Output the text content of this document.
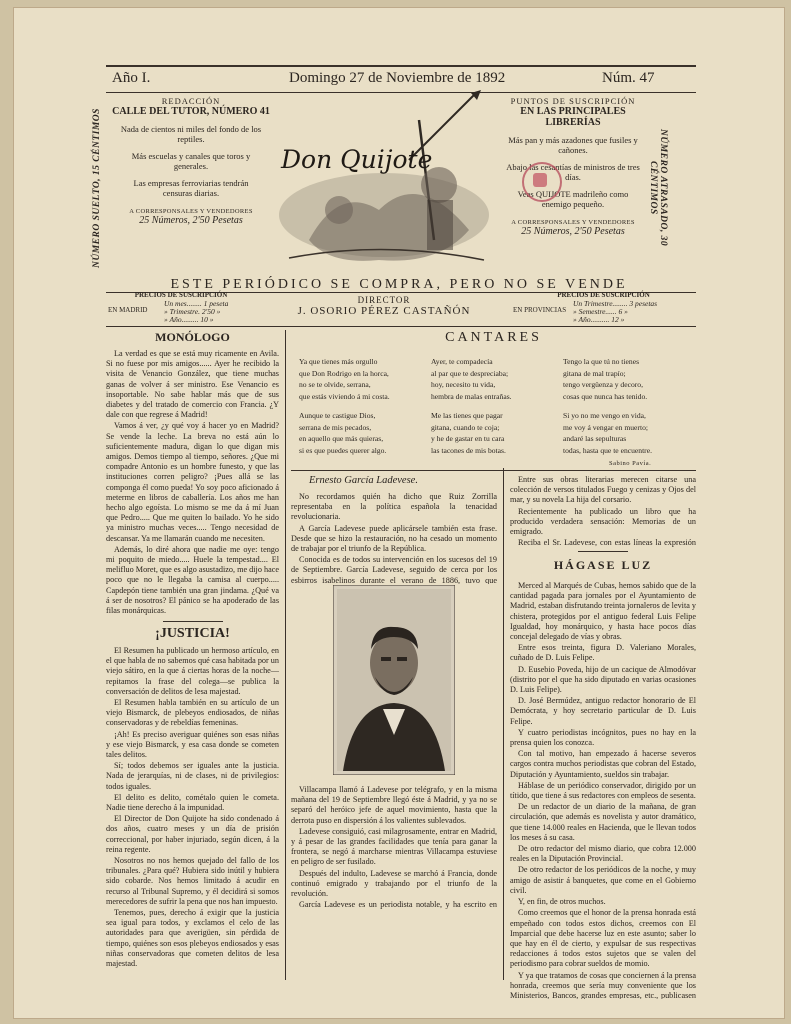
Año I.	Domingo 27 de Noviembre de 1892	Núm. 47
NÚMERO SUELTO, 15 CÉNTIMOS	NÚMERO ATRASADO, 30 CÉNTIMOS
REDACCIÓN
CALLE DEL TUTOR, NÚMERO 41

Nada de cientos ni miles del fondo de los reptiles.

Más escuelas y canales que toros y generales.

Las empresas ferroviarias tendrán censuras diarias.

A CORRESPONSALES Y VENDEDORES
25 Números, 2'50 Pesetas
PUNTOS DE SUSCRIPCIÓN
EN LAS PRINCIPALES LIBRERÍAS

Más pan y más azadones que fusiles y cañones.

Abajo las cesantías de ministros de tres días.

Veas QUIJOTE madrileño como enemigo pequeño.

A CORRESPONSALES Y VENDEDORES
25 Números, 2'50 Pesetas
Don Quijote
ESTE PERIÓDICO SE COMPRA, PERO NO SE VENDE
PRECIOS DE SUSCRIPCIÓN
EN MADRID
Un mes........ 1 peseta
» Trimestre. 2'50 »
» Año......... 10 »
DIRECTOR
J. OSORIO PÉREZ CASTAÑÓN
PRECIOS DE SUSCRIPCIÓN
EN PROVINCIAS
Un Trimestre........ 3 pesetas
» Semestre...... 6 »
» Año.......... 12 »
MONÓLOGO

La verdad es que se está muy ricamente en Avila. Si no fuese por mis amigos...... Ayer he recibido la visita de Venancio González, que tiene muchas ganas de volver á ser ministro. Ese Venancio es insoportable. No sabe hablar más que de sus diabetes y del tratado de comercio con Francia. ¿Y dale con que regrese á Madrid!

Vamos á ver, ¿y qué voy á hacer yo en Madrid? Se vende la leche. La breva no está aún lo suficientemente madura, digan lo que digan mis amigos. Demos tiempo al tiempo, señores. ¿Que mi compadre Antonio es un hombre funesto, y que las instituciones corren peligro? ¡Pues allá se las componga él como pueda! Yo soy poco aficionado á meterme en libros de caballería. Los años me han hecho algo egoísta. Lo mismo se me da á mí Juan que Pedro..... Que me quiten lo bailado. Yo he sido ya ministro muchas veces..... Tengo necesidad de descansar. Ya me llamarán cuando me necesiten.

Además, lo diré ahora que nadie me oye: tengo mi poquito de miedo..... Huele la tempestad.... El melifluo Moret, que es algo asustadizo, me dijo hace poco que no le llegaba la camisa al cuerpo..... Capdepón tiene también una gran jindama. ¿Qué va á ser de nosotros? El pánico se ha apoderado de las filas monárquicas.

¡JUSTICIA!

El Resumen ha publicado un hermoso artículo, en el que habla de no sabemos qué casa habitada por un viejo sátiro, en la que á ciertas horas de la noche—repitamos la frase del colega—se publica la conversación de delitos de lesa majestad.

El Resumen habla también en su artículo de un viejo Bismarck, de plebeyos endiosados, de niñas conservadoras y de rebeldías femeninas.

¡Ah! Es preciso averiguar quiénes son esas niñas y ese viejo Bismarck, y esa casa donde se cometen tales delitos.

Sí; todos debemos ser iguales ante la justicia. Nada de jerarquías, ni de clases, ni de privilegios: todos iguales.

El delito es delito, cométalo quien le cometa. Nadie tiene derecho á la impunidad.

El Director de Don Quijote ha sido condenado á dos años, cuatro meses y un día de prisión correccional, por haber injuriado, según dicen, á la reina regente.

Nosotros no nos hemos quejado del fallo de los tribunales. ¿Para qué? Hubiera sido inútil y hubiera sido cobarde. Nos hemos limitado á acudir en recurso al Tribunal Supremo, y él decidirá si somos merecedores de sufrir la pena que nos han impuesto.

Tenemos, pues, derecho á exigir que la justicia sea igual para todos, y exclamos el celo de las autoridades para que averigüen, sin pérdida de tiempo, quiénes son esos plebeyos endiosados y esas niñas conservadoras que cometen delitos de lesa majestad.

CANTARES
Ya que tienes más orgullo
que Don Rodrigo en la horca,
no se te olvide, serrana,
que estás viviendo á mi costa.
Ayer, te compadecía
al par que te despreciaba;
hoy, necesito tu vida,
hembra de malas entrañas.
Tengo la que tú no tienes
gitana de mal trapío;
tengo vergüenza y decoro,
cosas que nunca has tenido.
Aunque te castigue Dios,
serrana de mis pecados,
en aquello que más quieras,
si es que puedes querer algo.
Me las tienes que pagar
gitana, cuando te coja;
y he de gastar en tu cara
las tacones de mis botas.
Si yo no me vengo en vida,
me voy á vengar en muerto;
andaré las sepulturas
todas, hasta que te encuentre.
Sabino Pavía.
Ernesto García Ladevese.

No recordamos quién ha dicho que Ruiz Zorrilla representaba en la política española la tenacidad revolucionaria.

A García Ladevese puede aplicársele también esta frase. Desde que se hizo la restauración, no ha cesado un momento de trabajar por el triunfo de la República.

Conocida es de todos su intervención en los sucesos del 19 de Septiembre. García Ladevese, seguido de cerca por los esbirros isabelinos durante el verano de 1886, tuvo que

Villacampa llamó á Ladevese por telégrafo, y en la misma mañana del 19 de Septiembre llegó éste á Madrid, y ya no se separó del heróico jefe de aquel movimiento, hasta que la derrota puso en dispersión á los valientes sublevados.

Ladevese consiguió, casi milagrosamente, entrar en Madrid, y á pesar de las grandes facilidades que tenía para ganar la frontera, se negó á marcharse mientras Villacampa estuviese en peligro de ser fusilado.

Después del indulto, Ladevese se marchó á Francia, donde continuó emigrado y trabajando por el triunfo de la revolución.

García Ladevese es un periodista notable, y ha escrito en

Entre sus obras literarias merecen citarse una colección de versos titulados Fuego y cenizas y Ojos del mar, y su novela La hija del corsario.

Recientemente ha publicado un libro que ha producido verdadera sensación: Memorias de un emigrado.

Reciba el Sr. Ladevese, con estas líneas la expresión

HÁGASE LUZ

Merced al Marqués de Cubas, hemos sabido que de la cantidad pagada para jornales por el Ayuntamiento de Madrid, estaban disfrutando treinta jornaleros de levita y chistera, protegidos por el antiguo federal Luis Felipe Igualdad, hoy monárquico, y hasta hace pocos días concejal delegado de vías y obras.

Entre esos treinta, figura D. Valeriano Morales, cuñado de D. Luis Felipe.

D. Eusebio Poveda, hijo de un cacique de Almodóvar (distrito por el que ha sido diputado en varias ocasiones D. Luis Felipe).

D. José Bermúdez, antiguo redactor honorario de El Demócrata, y hoy secretario particular de D. Luis Felipe.

Y cuatro periodistas incógnitos, pues no hay en la prensa quien los conozca.

Con tal motivo, han empezado á hacerse severos cargos contra muchos periodistas que cobran del Estado, Diputación y Ayuntamiento, sueldos sin trabajar.

Háblase de un periódico conservador, dirigido por un títido, que tiene á sus redactores con empleos de sesenta.

De un redactor de un diario de la mañana, de gran circulación, que además es novelista y autor dramático, que tiene 14.000 reales en Hacienda, que le llevan todos los meses á su casa.

De otro redactor del mismo diario, que cobra 12.000 reales en la Diputación Provincial.

De otro redactor de los periódicos de la noche, y muy amigo de asistir á banquetes, que come en el Gobierno civil.

Y, en fin, de otros muchos.

Como creemos que el honor de la prensa honrada está empeñado con todos estos dichos, creemos con El Imparcial que debe hacerse luz en este asunto; saber lo que hay en él de cierto, y expulsar de sus respectivas redacciones á todos estos sujetos que se valen del periodismo para cobrar sueldos de momio.

Y ya que tratamos de cosas que conciernen á la prensa honrada, creemos que sería muy conveniente que los Ministerios, Bancos, grandes empresas, etc., publicasen
